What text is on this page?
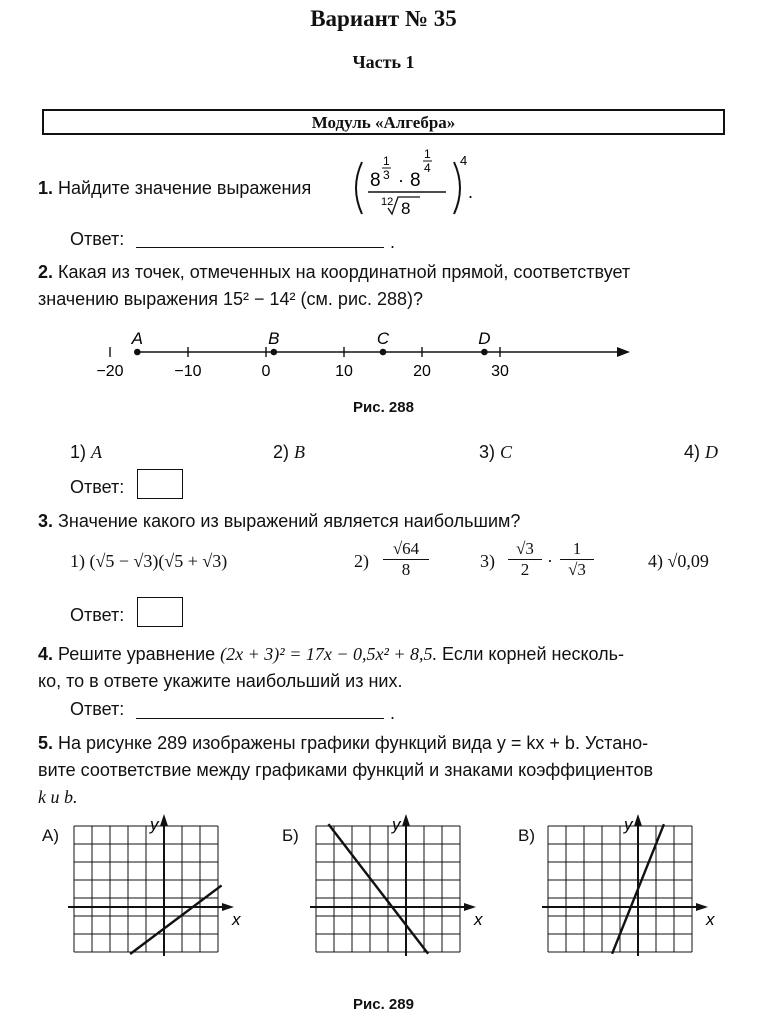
Вариант № 35
Часть 1
Модуль «Алгебра»
1. Найдите значение выражения	8
1
3 · 8
1
4
12 8
4
.
Ответ:	.
2. Какая из точек, отмеченных на координатной прямой, соответствует
значению выражения 15² − 14² (см. рис. 288)?
−20	−10	0	10	20	30
A	B	C	D
Рис. 288
1) A	2) B	3) C	4) D
Ответ:
3. Значение какого из выражений является наибольшим?
1) (√5 − √3)(√5 + √3)	2)
√64
8	3)
√3
2 ·
1
√3	4) √0,09
Ответ:
4. Решите уравнение (2x + 3)² = 17x − 0,5x² + 8,5. Если корней несколь-
ко, то в ответе укажите наибольший из них.
Ответ:	.
5. На рисунке 289 изображены графики функций вида y = kx + b. Устано-
вите соответствие между графиками функций и знаками коэффициентов
k и b.
А)
x
y
Б)
x
y
В)
x
y
Рис. 289
